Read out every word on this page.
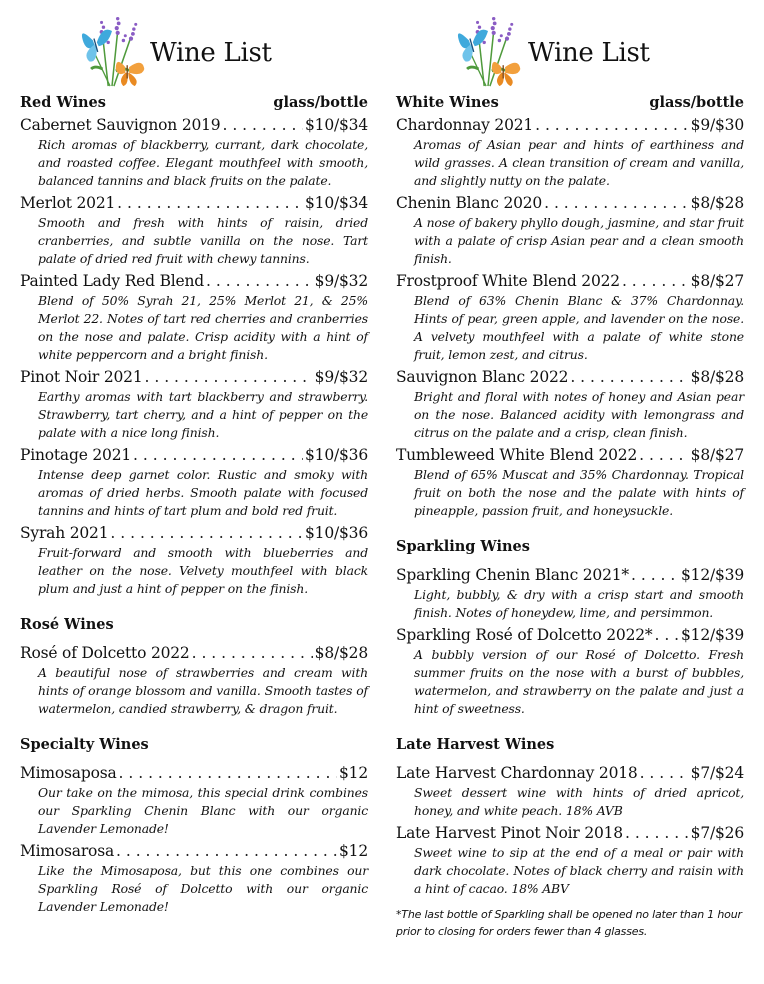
Wine List
Red Wines	glass/bottle
Cabernet Sauvignon 2019 . . .	$10/$34
Rich aromas of blackberry, currant, dark chocolate, and roasted coffee. Elegant mouthfeel with smooth, balanced tannins and black fruits on the palate.
Merlot 2021 . . .	$10/$34
Smooth and fresh with hints of raisin, dried cranberries, and subtle vanilla on the nose. Tart palate of dried red fruit with chewy tannins.
Painted Lady Red Blend . . .	$9/$32
Blend of 50% Syrah 21, 25% Merlot 21, & 25% Merlot 22. Notes of tart red cherries and cranberries on the nose and palate. Crisp acidity with a hint of white peppercorn and a bright finish.
Pinot Noir 2021 . . .	$9/$32
Earthy aromas with tart blackberry and strawberry. Strawberry, tart cherry, and a hint of pepper on the palate with a nice long finish.
Pinotage 2021 . . .	$10/$36
Intense deep garnet color. Rustic and smoky with aromas of dried herbs. Smooth palate with focused tannins and hints of tart plum and bold red fruit.
Syrah 2021 . . .	$10/$36
Fruit-forward and smooth with blueberries and leather on the nose. Velvety mouthfeel with black plum and just a hint of pepper on the finish.
Rosé Wines
Rosé of Dolcetto 2022 . . .	$8/$28
A beautiful nose of strawberries and cream with hints of orange blossom and vanilla. Smooth tastes of watermelon, candied strawberry, & dragon fruit.
Specialty Wines
Mimosaposa . . .	$12
Our take on the mimosa, this special drink combines our Sparkling Chenin Blanc with our organic Lavender Lemonade!
Mimosarosa . . .	$12
Like the Mimosaposa, but this one combines our Sparkling Rosé of Dolcetto with our organic Lavender Lemonade!
Wine List
White Wines	glass/bottle
Chardonnay 2021 . . .	$9/$30
Aromas of Asian pear and hints of earthiness and wild grasses. A clean transition of cream and vanilla, and slightly nutty on the palate.
Chenin Blanc 2020 . . .	$8/$28
A nose of bakery phyllo dough, jasmine, and star fruit with a palate of crisp Asian pear and a clean smooth finish.
Frostproof White Blend 2022 . . .	$8/$27
Blend of 63% Chenin Blanc & 37% Chardonnay. Hints of pear, green apple, and lavender on the nose. A velvety mouthfeel with a palate of white stone fruit, lemon zest, and citrus.
Sauvignon Blanc 2022 . . .	$8/$28
Bright and floral with notes of honey and Asian pear on the nose. Balanced acidity with lemongrass and citrus on the palate and a crisp, clean finish.
Tumbleweed White Blend 2022 . . .	$8/$27
Blend of 65% Muscat and 35% Chardonnay. Tropical fruit on both the nose and the palate with hints of pineapple, passion fruit, and honeysuckle.
Sparkling Wines
Sparkling Chenin Blanc 2021* . . .	$12/$39
Light, bubbly, & dry with a crisp start and smooth finish. Notes of honeydew, lime, and persimmon.
Sparkling Rosé of Dolcetto 2022* . . . $12/$39
A bubbly version of our Rosé of Dolcetto. Fresh summer fruits on the nose with a burst of bubbles, watermelon, and strawberry on the palate and just a hint of sweetness.
Late Harvest Wines
Late Harvest Chardonnay 2018 . . .	$7/$24
Sweet dessert wine with hints of dried apricot, honey, and white peach. 18% AVB
Late Harvest Pinot Noir 2018 . . .	$7/$26
Sweet wine to sip at the end of a meal or pair with dark chocolate. Notes of black cherry and raisin with a hint of cacao. 18% ABV
*The last bottle of Sparkling shall be opened no later than 1 hour prior to closing for orders fewer than 4 glasses.
